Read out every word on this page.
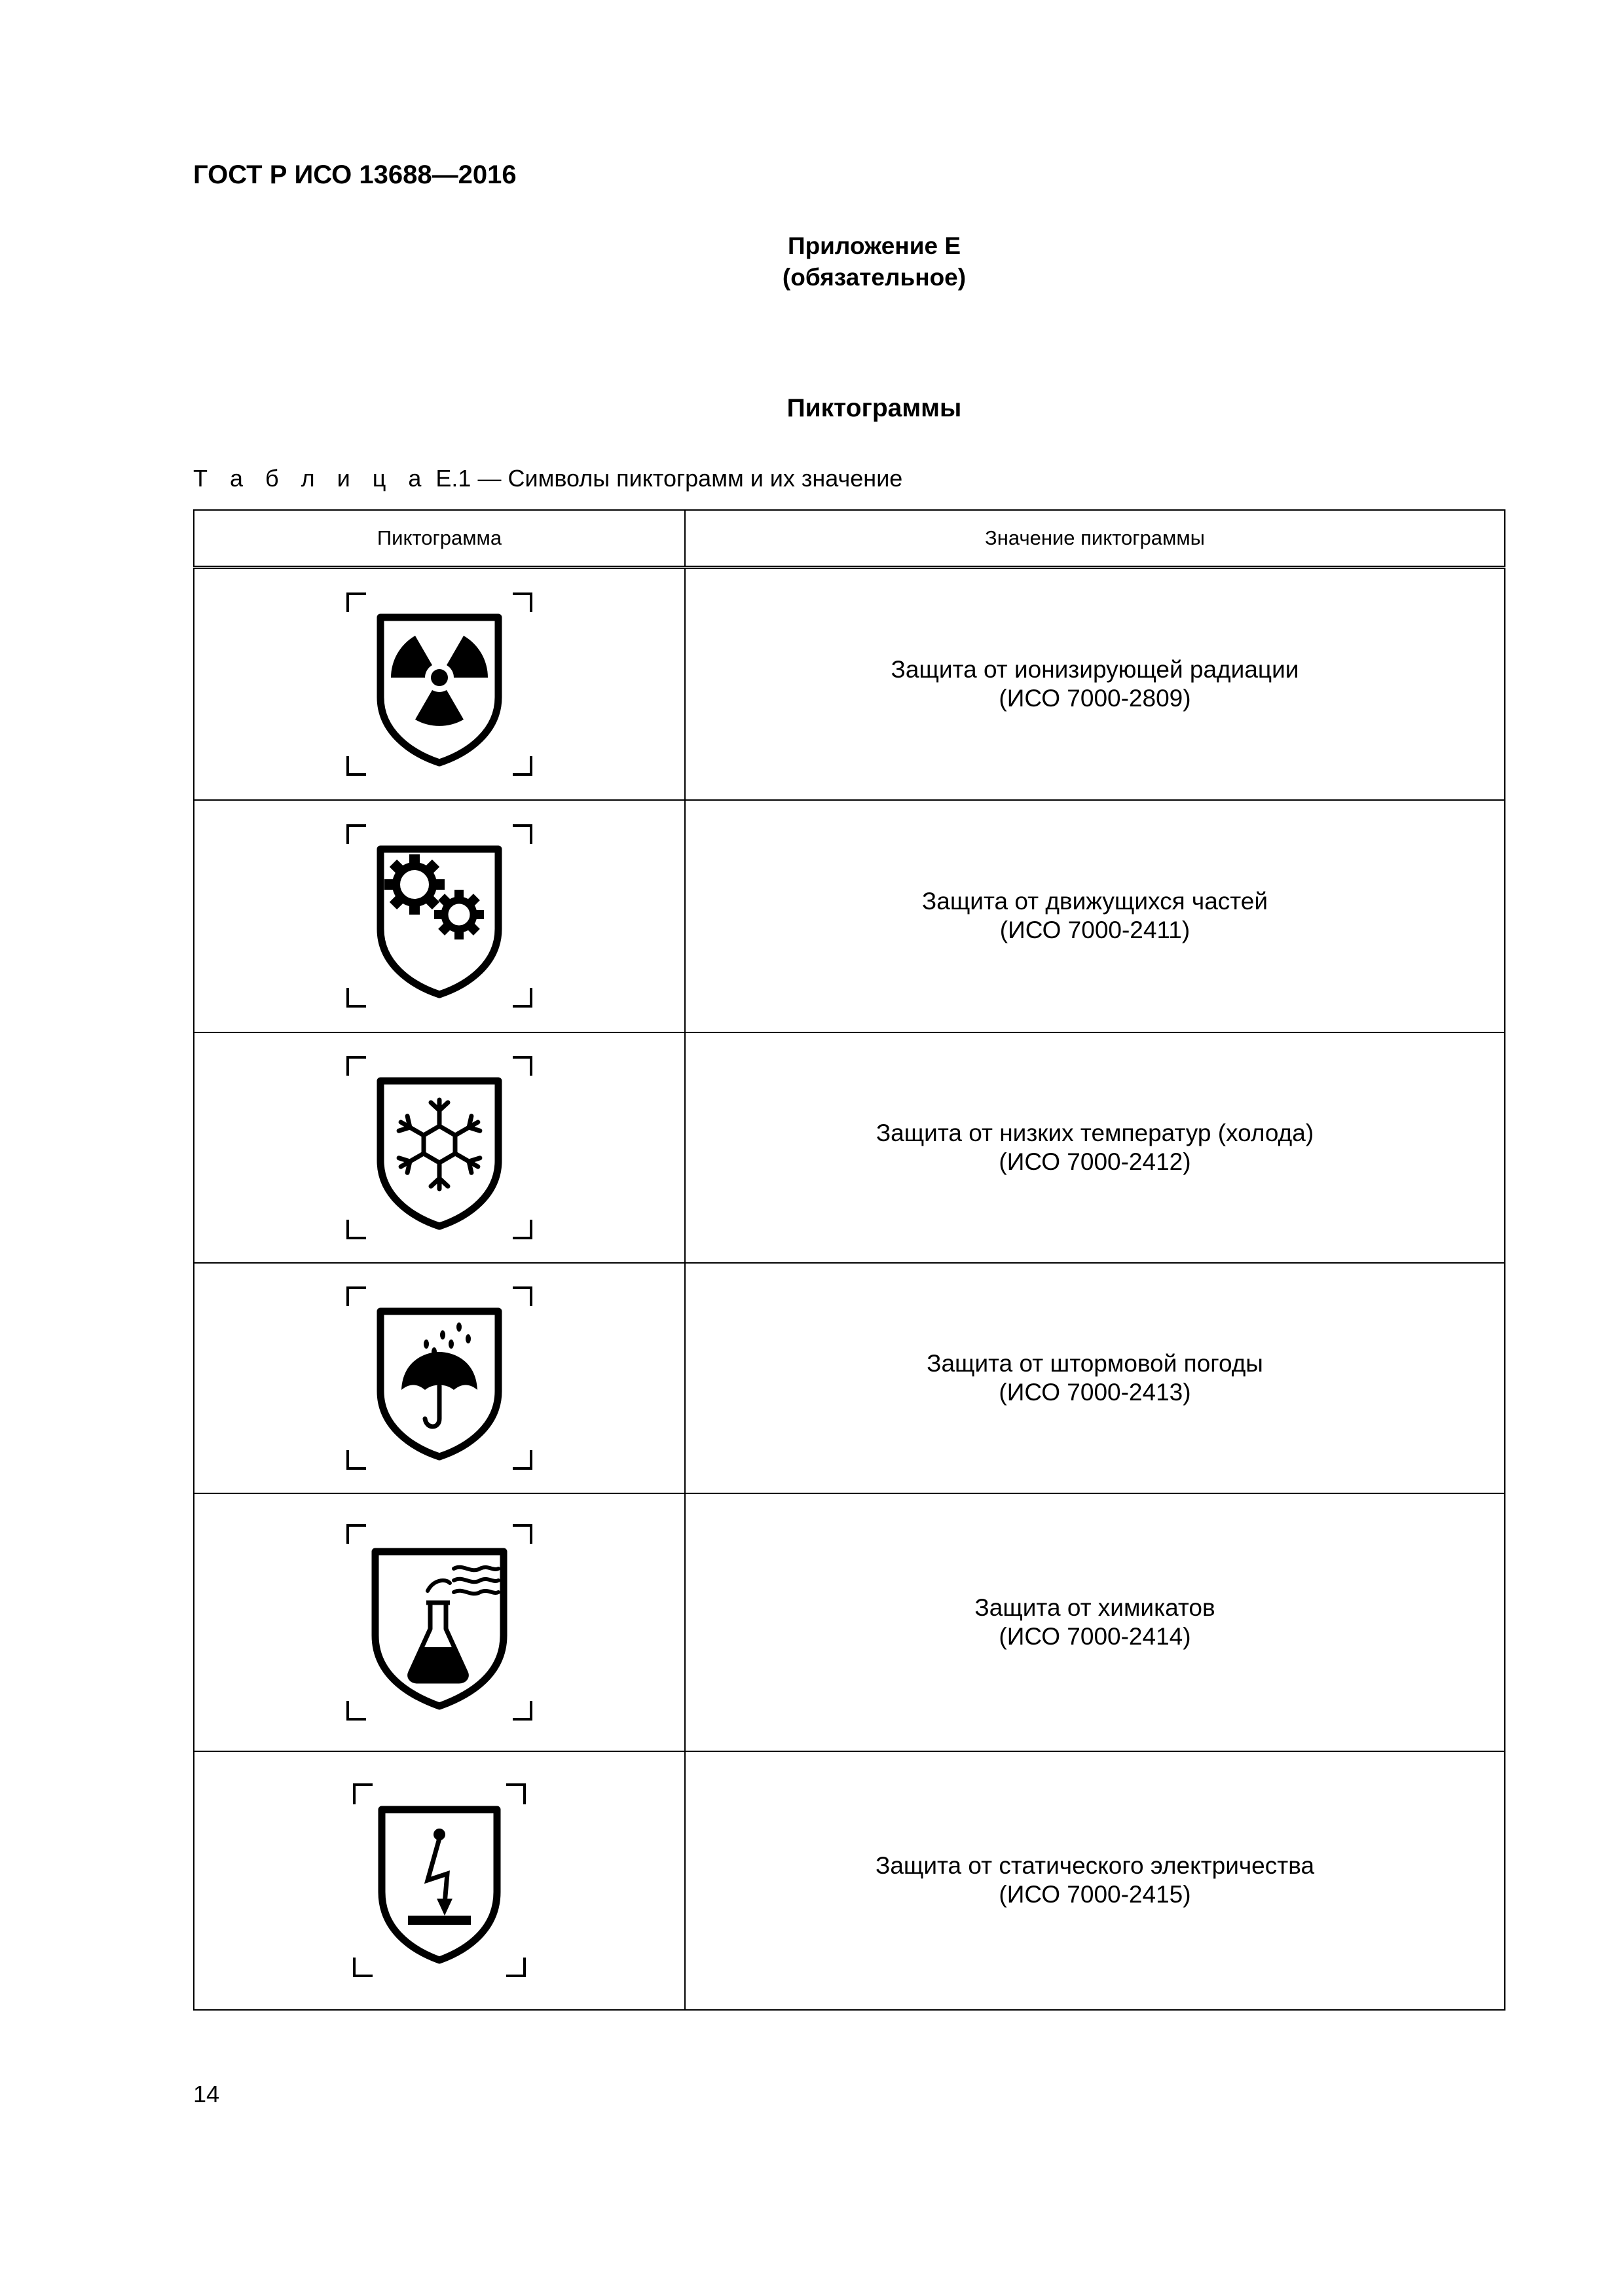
ГОСТ Р ИСО 13688—2016
Приложение Е
(обязательное)
Пиктограммы
Т а б л и ц а Е.1 — Символы пиктограмм и их значение
Пиктограмма	Значение пиктограммы

Защита от ионизирующей радиации
(ИСО 7000-2809)

Защита от движущихся частей
(ИСО 7000-2411)

Защита от низких температур (холода)
(ИСО 7000-2412)

Защита от штормовой погоды
(ИСО 7000-2413)

Защита от химикатов
(ИСО 7000-2414)

Защита от статического электричества
(ИСО 7000-2415)
14
